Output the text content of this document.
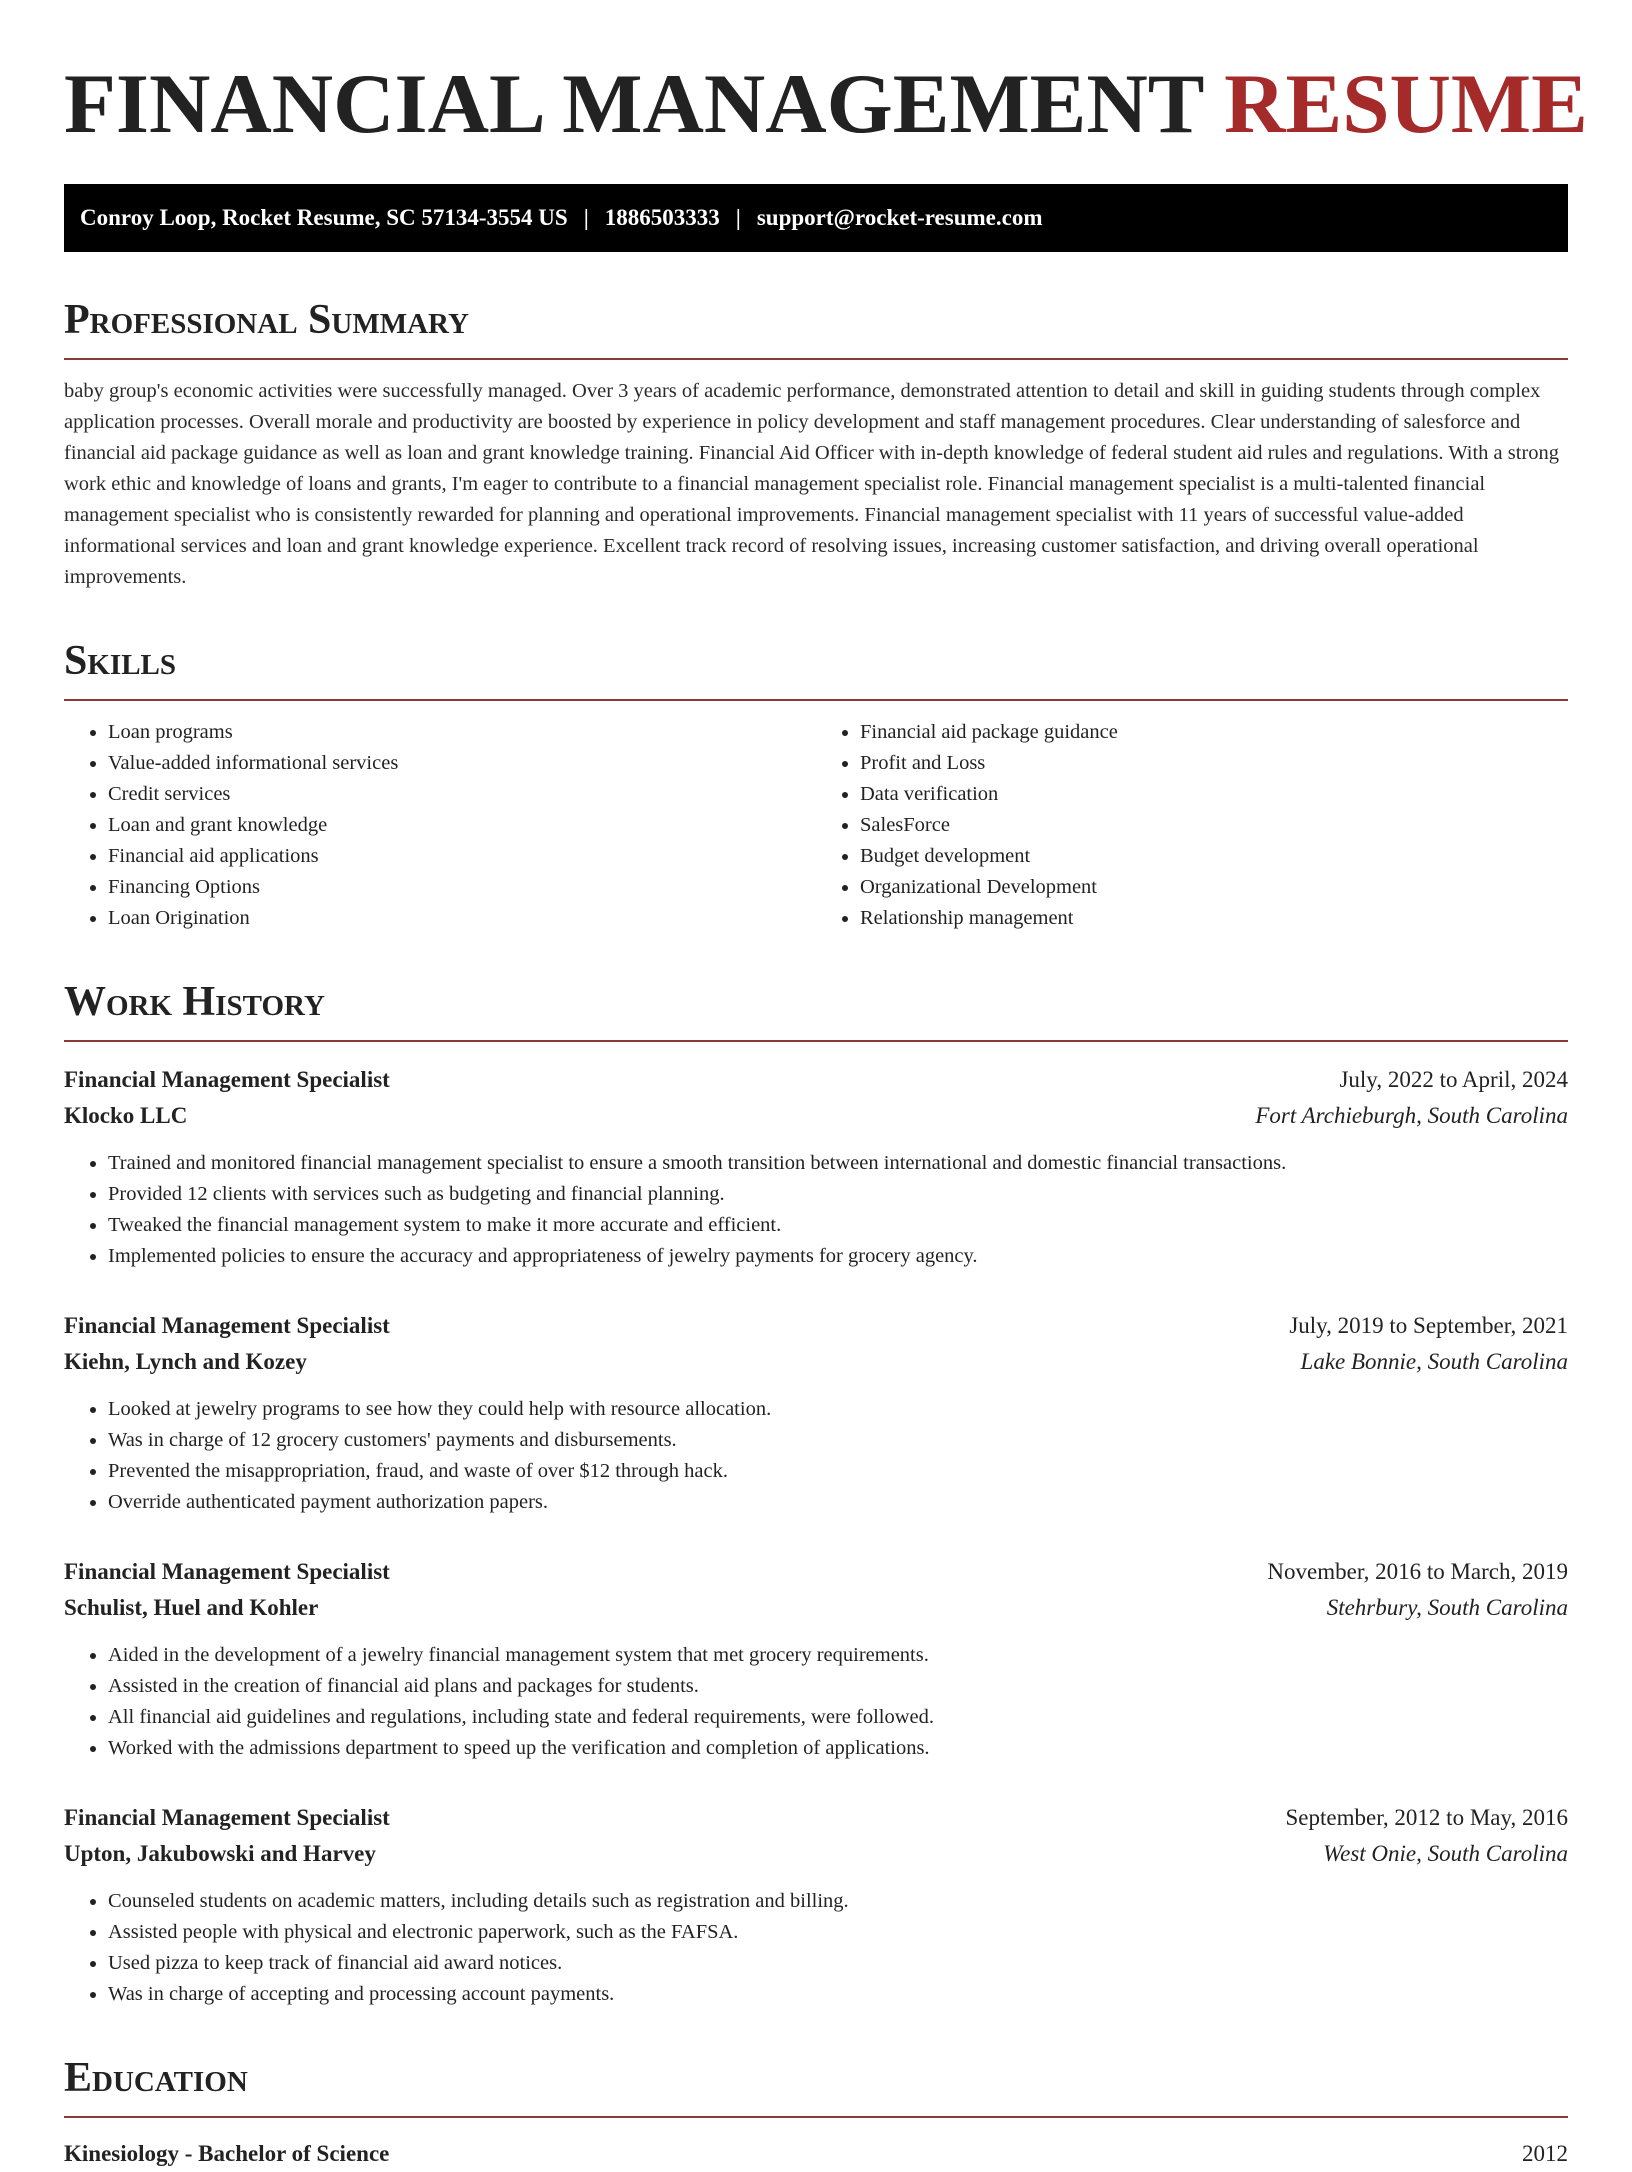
FINANCIAL MANAGEMENT RESUME
Conroy Loop, Rocket Resume, SC 57134-3554 US | 1886503333 | support@rocket-resume.com
Professional Summary

baby group's economic activities were successfully managed. Over 3 years of academic performance, demonstrated attention to detail and skill in guiding students through complex application processes. Overall morale and productivity are boosted by experience in policy development and staff management procedures. Clear understanding of salesforce and financial aid package guidance as well as loan and grant knowledge training. Financial Aid Officer with in-depth knowledge of federal student aid rules and regulations. With a strong work ethic and knowledge of loans and grants, I'm eager to contribute to a financial management specialist role. Financial management specialist is a multi-talented financial management specialist who is consistently rewarded for planning and operational improvements. Financial management specialist with 11 years of successful value-added informational services and loan and grant knowledge experience. Excellent track record of resolving issues, increasing customer satisfaction, and driving overall operational improvements.

Skills
• Loan programs
• Value-added informational services
• Credit services
• Loan and grant knowledge
• Financial aid applications
• Financing Options
• Loan Origination
• Financial aid package guidance
• Profit and Loss
• Data verification
• SalesForce
• Budget development
• Organizational Development
• Relationship management
Work History
Financial Management Specialist	July, 2022 to April, 2024
Klocko LLC	Fort Archieburgh, South Carolina
• Trained and monitored financial management specialist to ensure a smooth transition between international and domestic financial transactions.
• Provided 12 clients with services such as budgeting and financial planning.
• Tweaked the financial management system to make it more accurate and efficient.
• Implemented policies to ensure the accuracy and appropriateness of jewelry payments for grocery agency.
Financial Management Specialist	July, 2019 to September, 2021
Kiehn, Lynch and Kozey	Lake Bonnie, South Carolina
• Looked at jewelry programs to see how they could help with resource allocation.
• Was in charge of 12 grocery customers' payments and disbursements.
• Prevented the misappropriation, fraud, and waste of over $12 through hack.
• Override authenticated payment authorization papers.
Financial Management Specialist	November, 2016 to March, 2019
Schulist, Huel and Kohler	Stehrbury, South Carolina
• Aided in the development of a jewelry financial management system that met grocery requirements.
• Assisted in the creation of financial aid plans and packages for students.
• All financial aid guidelines and regulations, including state and federal requirements, were followed.
• Worked with the admissions department to speed up the verification and completion of applications.
Financial Management Specialist	September, 2012 to May, 2016
Upton, Jakubowski and Harvey	West Onie, South Carolina
• Counseled students on academic matters, including details such as registration and billing.
• Assisted people with physical and electronic paperwork, such as the FAFSA.
• Used pizza to keep track of financial aid award notices.
• Was in charge of accepting and processing account payments.
Education
Kinesiology - Bachelor of Science	2012
